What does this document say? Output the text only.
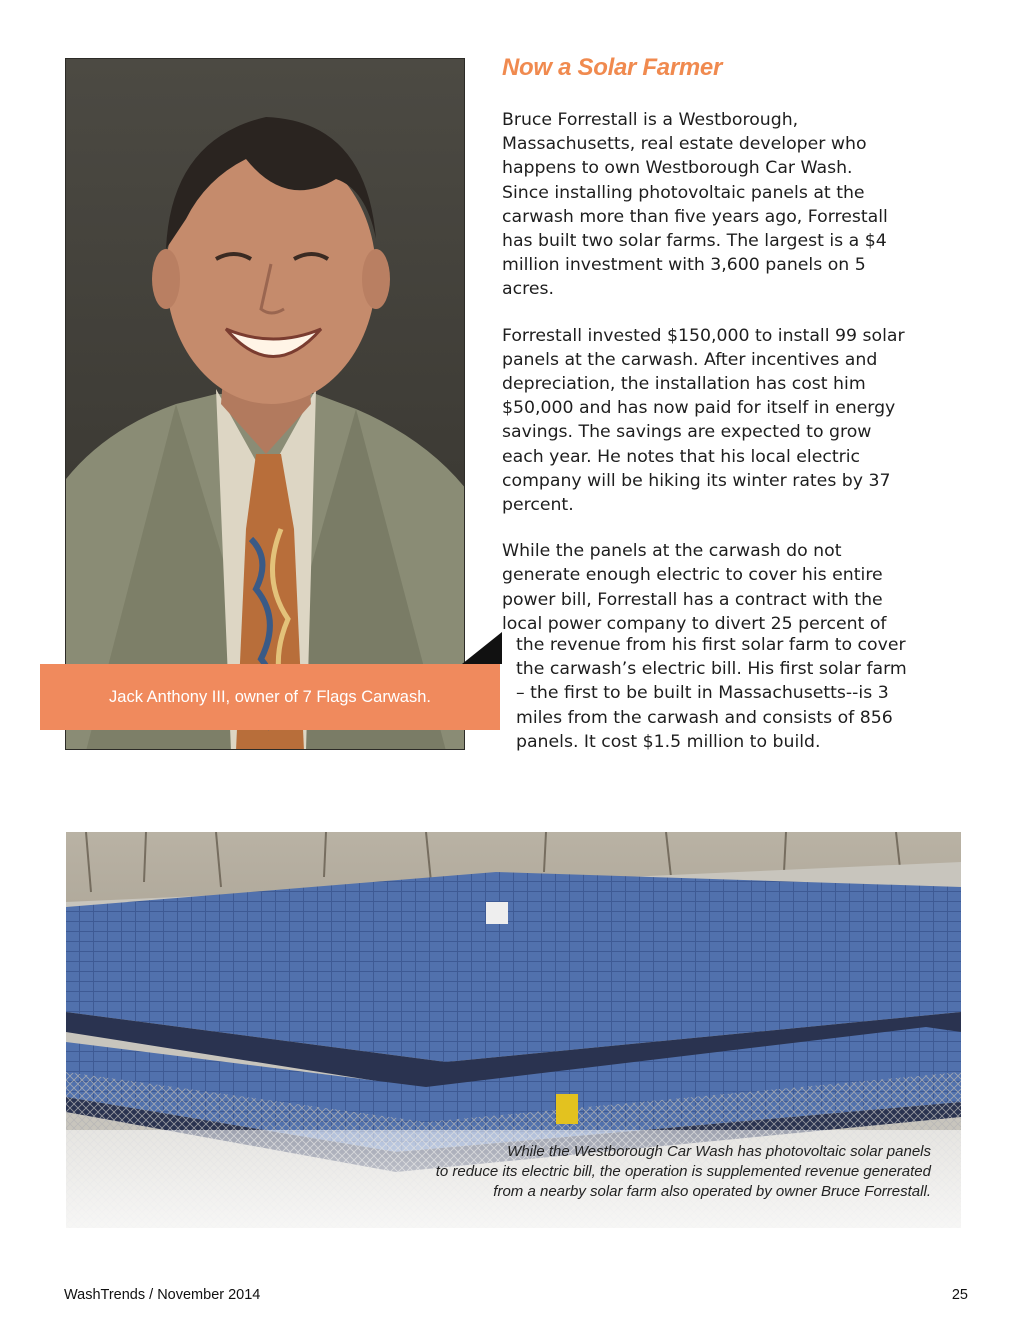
Jack Anthony III, owner of 7 Flags Carwash.
Now a Solar Farmer

Bruce Forrestall is a Westborough,
Massachusetts, real estate developer who
happens to own Westborough Car Wash.
Since installing photovoltaic panels at the
carwash more than five years ago, Forrestall
has built two solar farms. The largest is a $4
million investment with 3,600 panels on 5
acres.

Forrestall invested $150,000 to install 99 solar
panels at the carwash. After incentives and
depreciation, the installation has cost him
$50,000 and has now paid for itself in energy
savings. The savings are expected to grow
each year. He notes that his local electric
company will be hiking its winter rates by 37
percent.

While the panels at the carwash do not
generate enough electric to cover his entire
power bill, Forrestall has a contract with the
local power company to divert 25 percent of

the revenue from his first solar farm to cover
the carwash’s electric bill. His first solar farm
– the first to be built in Massachusetts--is 3
miles from the carwash and consists of 856
panels. It cost $1.5 million to build.
While the Westborough Car Wash has photovoltaic solar panels
to reduce its electric bill, the operation is supplemented revenue generated
from a nearby solar farm also operated by owner Bruce Forrestall.
WashTrends / November 2014	25
